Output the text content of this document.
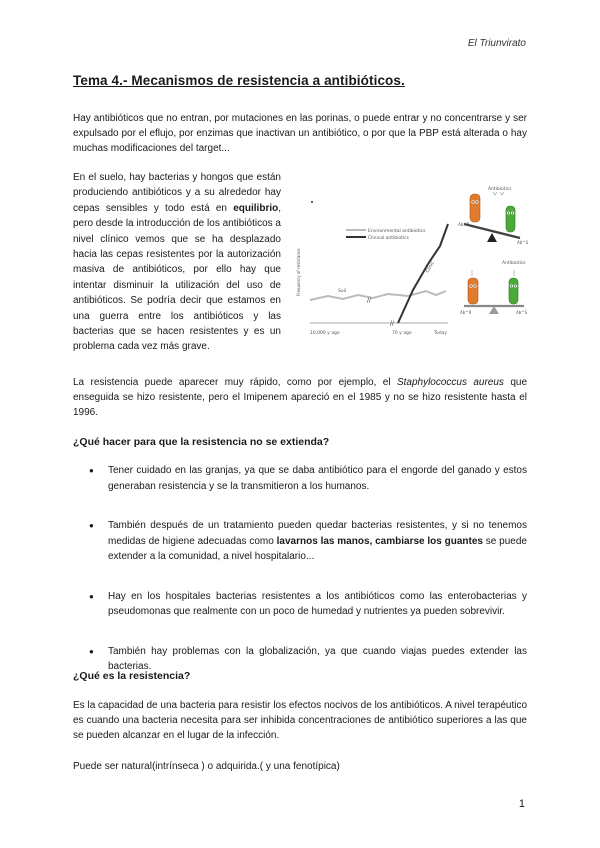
El Triunvirato
Tema 4.- Mecanismos de resistencia a antibióticos.
Hay antibióticos que no entran, por mutaciones en las porinas, o puede entrar y no concentrarse y ser expulsado por el eflujo, por enzimas que inactivan un antibiótico, o por que la PBP está alterada o hay muchas modificaciones del target...
En el suelo, hay bacterias y hongos que están produciendo antibióticos y a su alrededor hay cepas sensibles y todo está en equilibrio, pero desde la introducción de los antibióticos a nivel clínico vemos que se ha desplazado hacia las cepas resistentes por la autorización masiva de antibióticos, por ello hay que intentar disminuir la utilización del uso de antibióticos. Se podría decir que estamos en una guerra entre los antibióticos y las bacterias que se hacen resistentes y es un problema cada vez más grave.
Environmental antibiotics
Clinical antibiotics
Frequency of resistance	Soil
Clinic
//
//
10,000 y ago	70 y ago	Today
Antibiotics
Ab^R
Ab^S
Antibiotics
Ab^R	Ab^S
La resistencia puede aparecer muy rápido, como por ejemplo, el Staphylococcus aureus que enseguida se hizo resistente, pero el Imipenem apareció en el 1985 y no se hizo resistente hasta el 1996.
¿Qué hacer para que la resistencia no se extienda?
● Tener cuidado en las granjas, ya que se daba antibiótico para el engorde del ganado y estos generaban resistencia y se la transmitieron a los humanos.
● También después de un tratamiento pueden quedar bacterias resistentes, y si no tenemos medidas de higiene adecuadas como lavarnos las manos, cambiarse los guantes se puede extender a la comunidad, a nivel hospitalario...
● Hay en los hospitales bacterias resistentes a los antibióticos como las enterobacterias y pseudomonas que realmente con un poco de humedad y nutrientes ya pueden sobrevivir.
● También hay problemas con la globalización, ya que cuando viajas puedes extender las bacterias.
¿Qué es la resistencia?
Es la capacidad de una bacteria para resistir los efectos nocivos de los antibióticos. A nivel terapéutico es cuando una bacteria necesita para ser inhibida concentraciones de antibiótico superiores a las que se pueden alcanzar en el lugar de la infección.
Puede ser natural(intrínseca ) o adquirida.( y una fenotípica)
1
